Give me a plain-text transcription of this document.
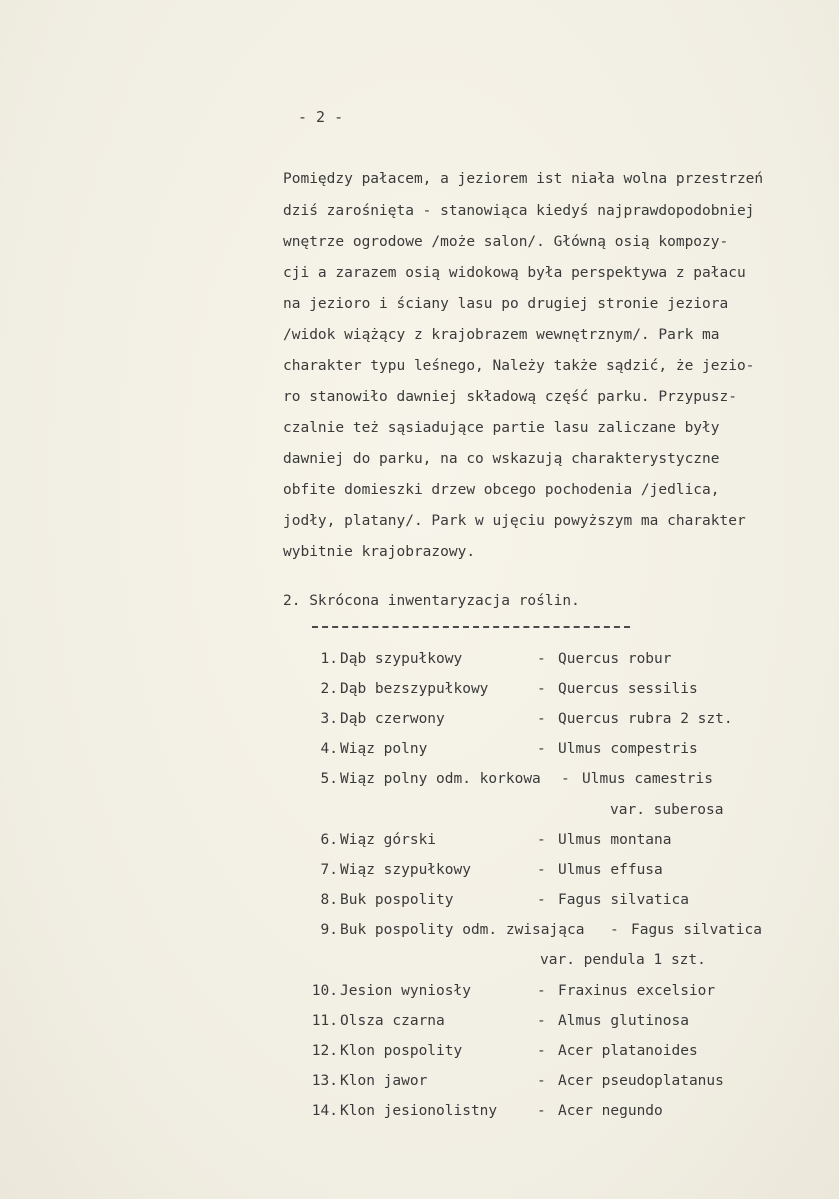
- 2 -
Pomiędzy pałacem, a jeziorem ist niała wolna przestrzeń
dziś zarośnięta - stanowiąca kiedyś najprawdopodobniej
wnętrze ogrodowe /może salon/. Główną osią kompozy-
cji a zarazem osią widokową była perspektywa z pałacu
na jezioro i ściany lasu po drugiej stronie jeziora
/widok wiążący z krajobrazem wewnętrznym/. Park ma
charakter typu leśnego, Należy także sądzić, że jezio-
ro stanowiło dawniej składową część parku. Przypusz-
czalnie też sąsiadujące partie lasu zaliczane były
dawniej do parku, na co wskazują charakterystyczne
obfite domieszki drzew obcego pochodenia /jedlica,
jodły, platany/. Park w ujęciu powyższym ma charakter
wybitnie krajobrazowy.
2. Skrócona inwentaryzacja roślin.
1. Dąb szypułkowy	- Quercus robur
2. Dąb bezszypułkowy	- Quercus sessilis
3. Dąb czerwony	- Quercus rubra 2 szt.
4. Wiąz polny	- Ulmus compestris
5. Wiąz polny odm. korkowa - Ulmus camestris
var. suberosa
6. Wiąz górski	- Ulmus montana
7. Wiąz szypułkowy	- Ulmus effusa
8. Buk pospolity	- Fagus silvatica
9. Buk pospolity odm. zwisająca - Fagus silvatica
var. pendula 1 szt.
10. Jesion wyniosły	- Fraxinus excelsior
11. Olsza czarna	- Almus glutinosa
12. Klon pospolity	- Acer platanoides
13. Klon jawor	- Acer pseudoplatanus
14. Klon jesionolistny	- Acer negundo
